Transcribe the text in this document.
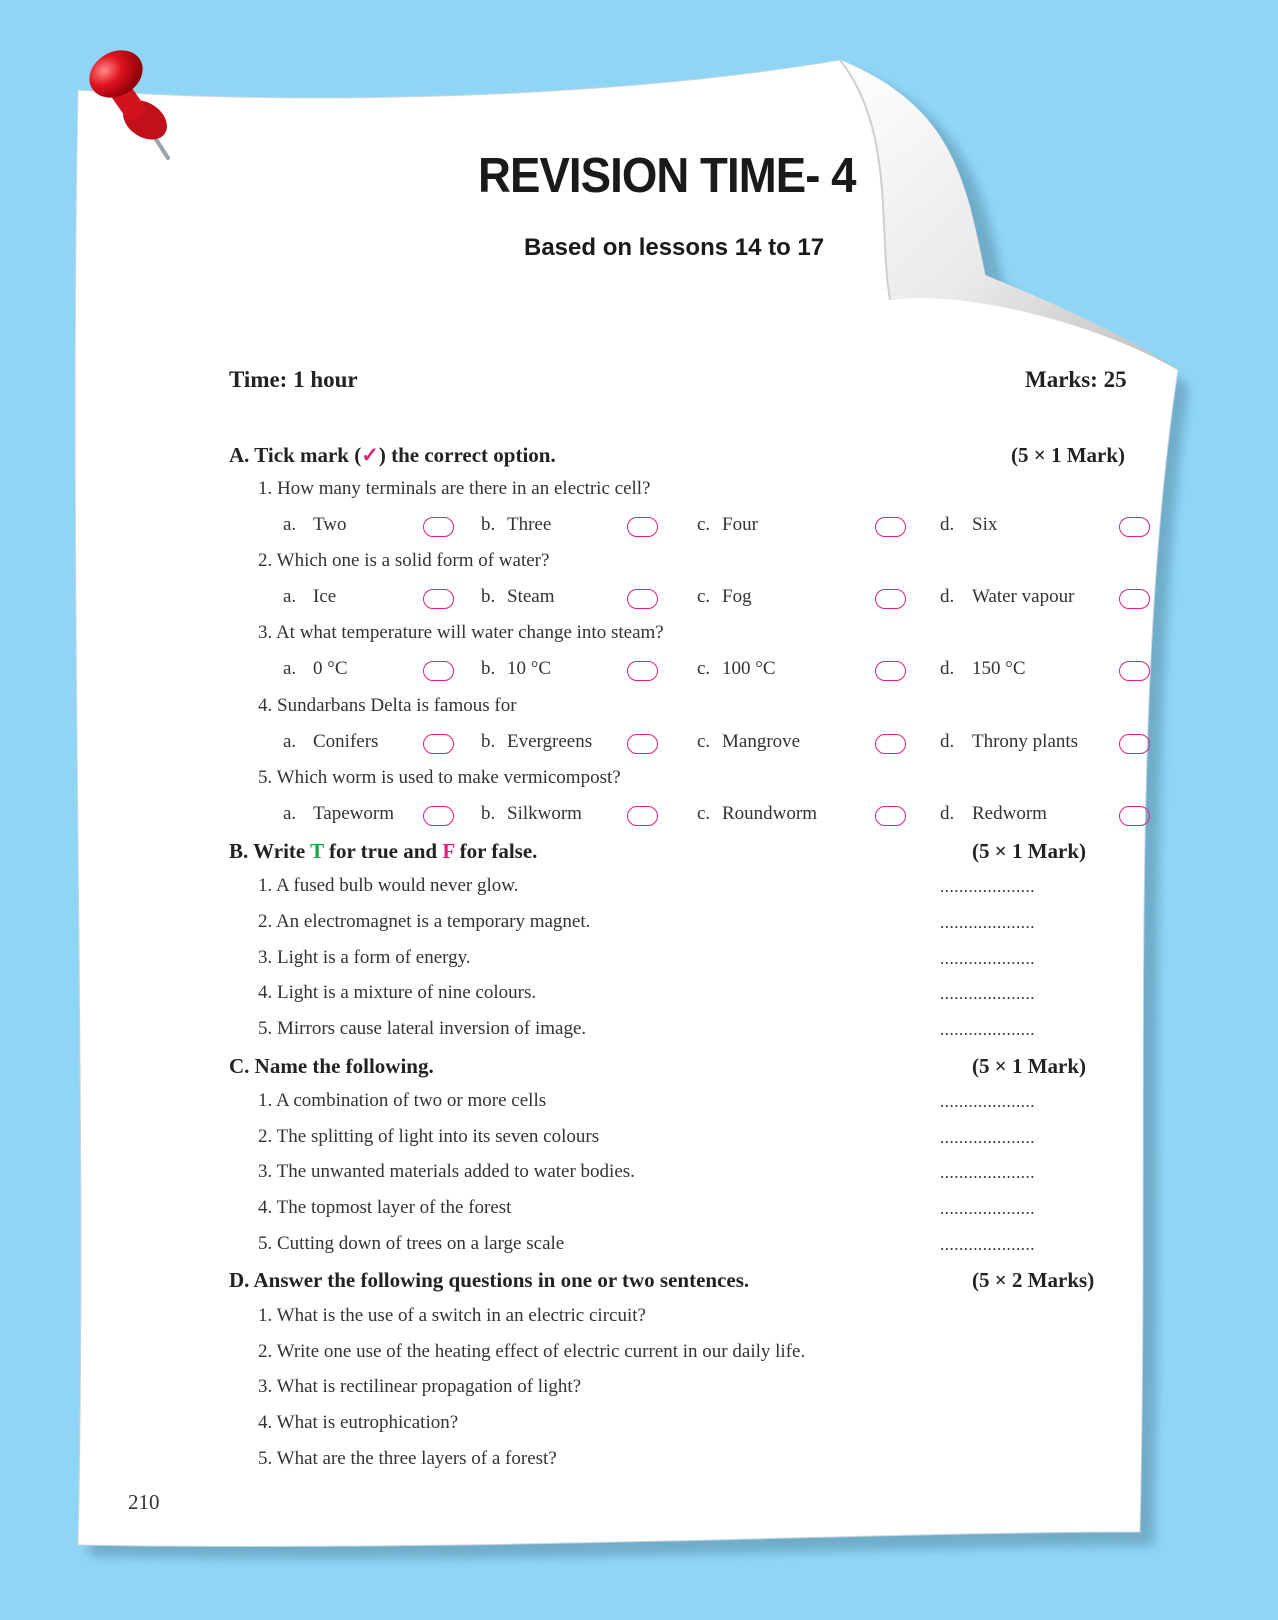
REVISION TIME- 4
Based on lessons 14 to 17
Time: 1 hour	Marks: 25
A. Tick mark (✓) the correct option.	(5 × 1 Mark)
1. How many terminals are there in an electric cell?
a. Two	b. Three	c. Four	d. Six
2. Which one is a solid form of water?
a. Ice	b. Steam	c. Fog	d. Water vapour
3. At what temperature will water change into steam?
a. 0 °C	b. 10 °C	c. 100 °C	d. 150 °C
4. Sundarbans Delta is famous for
a. Conifers	b. Evergreens	c. Mangrove	d. Throny plants
5. Which worm is used to make vermicompost?
a. Tapeworm	b. Silkworm	c. Roundworm	d. Redworm
B. Write T for true and F for false.	(5 × 1 Mark)
1. A fused bulb would never glow.	....................
2. An electromagnet is a temporary magnet.	....................
3. Light is a form of energy.	....................
4. Light is a mixture of nine colours.	....................
5. Mirrors cause lateral inversion of image.	....................
C. Name the following.	(5 × 1 Mark)
1. A combination of two or more cells	....................
2. The splitting of light into its seven colours	....................
3. The unwanted materials added to water bodies.	....................
4. The topmost layer of the forest	....................
5. Cutting down of trees on a large scale	....................
D. Answer the following questions in one or two sentences.	(5 × 2 Marks)
1. What is the use of a switch in an electric circuit?
2. Write one use of the heating effect of electric current in our daily life.
3. What is rectilinear propagation of light?
4. What is eutrophication?
5. What are the three layers of a forest?
210
